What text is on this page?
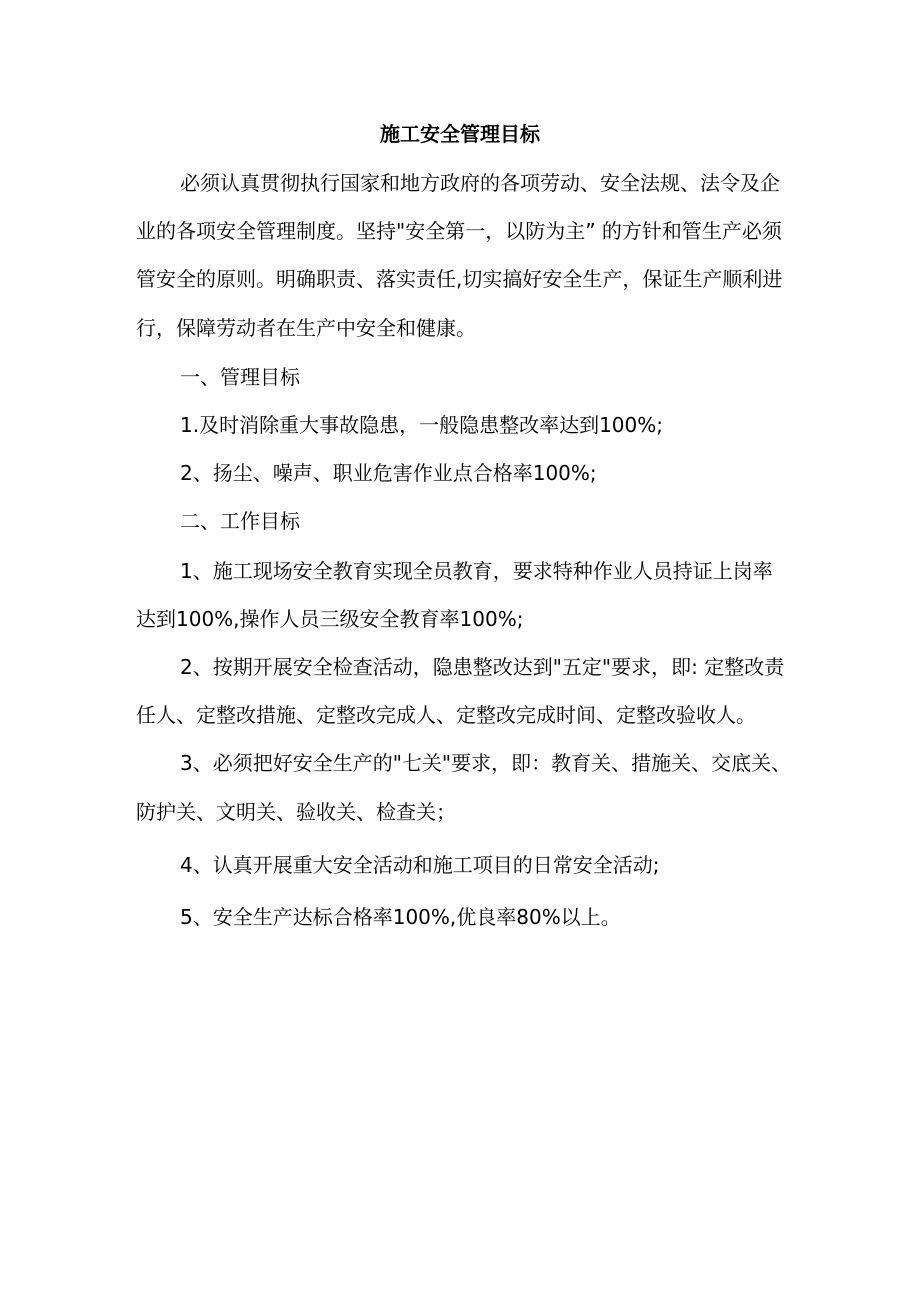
施工安全管理目标

必须认真贯彻执行国家和地方政府的各项劳动、安全法规、法令及企

业的各项安全管理制度。坚持"安全第一，以防为主” 的方针和管生产必须

管安全的原则。明确职责、落实责任,切实搞好安全生产，保证生产顺利进

行，保障劳动者在生产中安全和健康。

一、管理目标

1.及时消除重大事故隐患，一般隐患整改率达到100%;

2、扬尘、噪声、职业危害作业点合格率100%;

二、工作目标

1、施工现场安全教育实现全员教育，要求特种作业人员持证上岗率

达到100%,操作人员三级安全教育率100%;

2、按期开展安全检查活动，隐患整改达到"五定"要求，即: 定整改责

任人、定整改措施、定整改完成人、定整改完成时间、定整改验收人。

3、必须把好安全生产的"七关"要求，即：教育关、措施关、交底关、

防护关、文明关、验收关、检查关；

4、认真开展重大安全活动和施工项目的日常安全活动;

5、安全生产达标合格率100%,优良率80%以上。
